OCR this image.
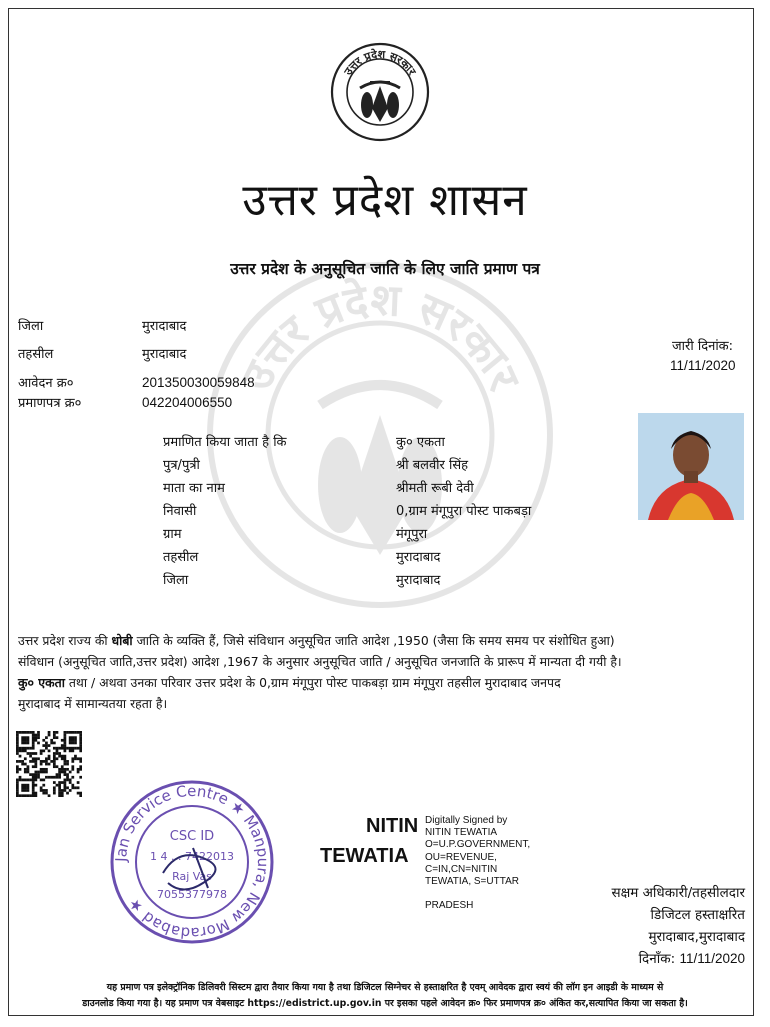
उत्तर प्रदेश सरकार
उत्तर प्रदेश सरकार
उत्तर प्रदेश शासन
उत्तर प्रदेश के अनुसूचित जाति के लिए जाति प्रमाण पत्र
जिला	मुरादाबाद
तहसील	मुरादाबाद
आवेदन क्र०	201350030059848
प्रमाणपत्र क्र०	042204006550
जारी दिनांक:
11/11/2020
प्रमाणित किया जाता है कि	कु० एकता
पुत्र/पुत्री	श्री बलवीर सिंह
माता का नाम	श्रीमती रूबी देवी
निवासी	0,ग्राम मंगूपुरा पोस्ट पाकबड़ा
ग्राम	मंगूपुरा
तहसील	मुरादाबाद
जिला	मुरादाबाद

उत्तर प्रदेश राज्य की धोबी जाति के व्यक्ति हैं, जिसे संविधान अनुसूचित जाति आदेश ,1950 (जैसा कि समय समय पर संशोधित हुआ)

संविधान (अनुसूचित जाति,उत्तर प्रदेश) आदेश ,1967 के अनुसार अनुसूचित जाति / अनुसूचित जनजाति के प्रारूप में मान्यता दी गयी है।

कु० एकता तथा / अथवा उनका परिवार उत्तर प्रदेश के 0,ग्राम मंगूपुरा पोस्ट पाकबड़ा ग्राम मंगूपुरा तहसील मुरादाबाद जनपद

मुरादाबाद में सामान्यतया रहता है।

Jan Service Centre ★ Manpura, New Moradabad ★
CSC ID
1 4 . . 7422013
Raj Vas
7055377978
NITIN
TEWATIA
Digitally Signed by
NITIN TEWATIA
O=U.P.GOVERNMENT,
OU=REVENUE,
C=IN,CN=NITIN
TEWATIA, S=UTTAR
PRADESH
सक्षम अधिकारी/तहसीलदार
डिजिटल हस्ताक्षरित
मुरादाबाद,मुरादाबाद
दिनाँक: 11/11/2020

यह प्रमाण पत्र इलेक्ट्रॉनिक डिलिवरी सिस्टम द्वारा तैयार किया गया है तथा डिजिटल सिग्नेचर से हस्ताक्षरित है एवम् आवेदक द्वारा स्वयं की लॉग इन आइडी के माध्यम से

डाउनलोड किया गया है। यह प्रमाण पत्र वेबसाइट https://edistrict.up.gov.in पर इसका पहले आवेदन क्र० फिर प्रमाणपत्र क्र० अंकित कर,सत्यापित किया जा सकता है।
